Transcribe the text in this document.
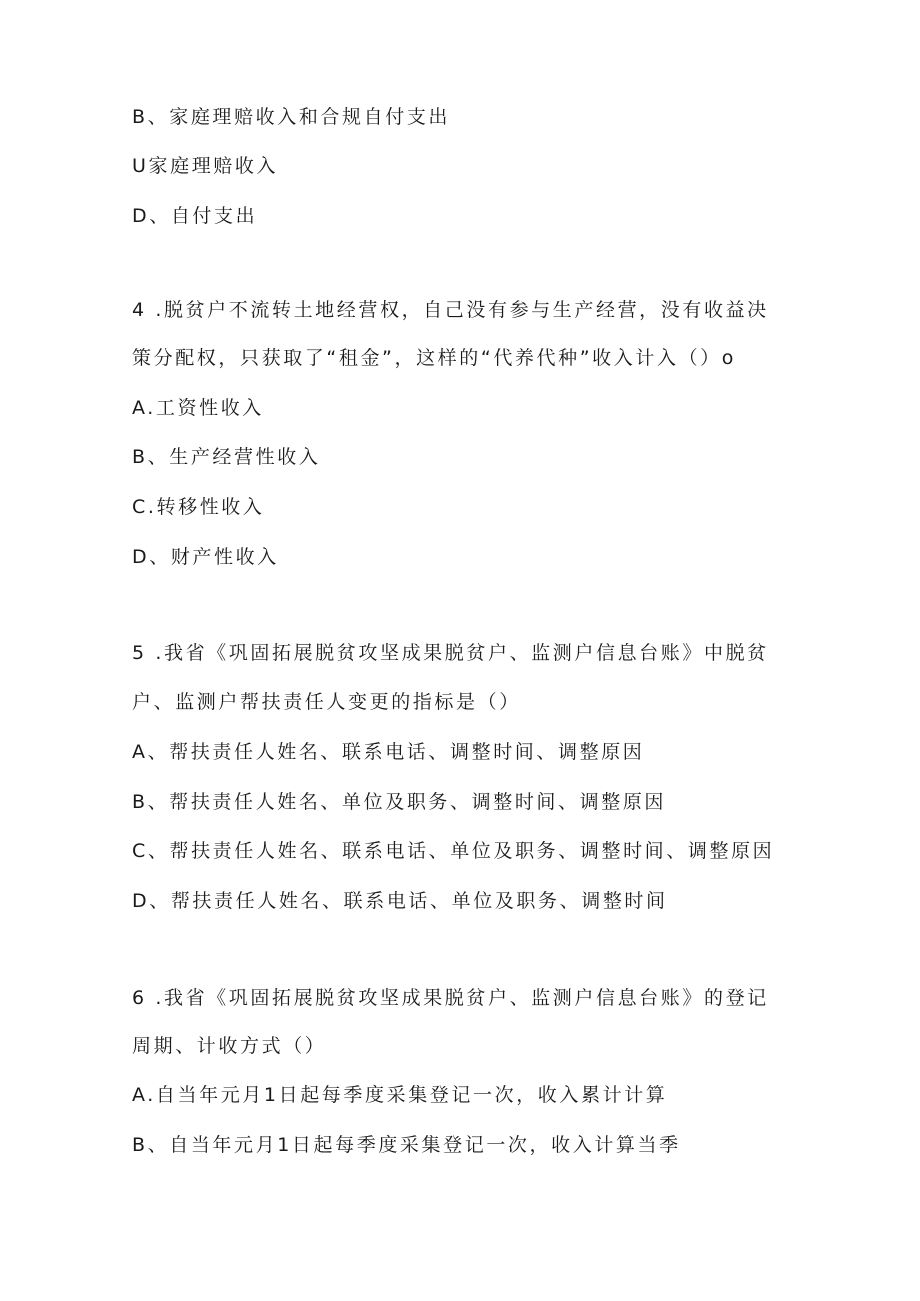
B、家庭理赔收入和合规自付支出
U家庭理赔收入
D、自付支出
4 .脱贫户不流转土地经营权，自己没有参与生产经营，没有收益决
策分配权，只获取了“租金”，这样的“代养代种”收入计入（）o
A.工资性收入
B、生产经营性收入
C.转移性收入
D、财产性收入
5 .我省《巩固拓展脱贫攻坚成果脱贫户、监测户信息台账》中脱贫
户、监测户帮扶责任人变更的指标是（）
A、帮扶责任人姓名、联系电话、调整时间、调整原因
B、帮扶责任人姓名、单位及职务、调整时间、调整原因
C、帮扶责任人姓名、联系电话、单位及职务、调整时间、调整原因
D、帮扶责任人姓名、联系电话、单位及职务、调整时间
6 .我省《巩固拓展脱贫攻坚成果脱贫户、监测户信息台账》的登记
周期、计收方式（）
A.自当年元月1日起每季度采集登记一次，收入累计计算
B、自当年元月1日起每季度采集登记一次，收入计算当季
